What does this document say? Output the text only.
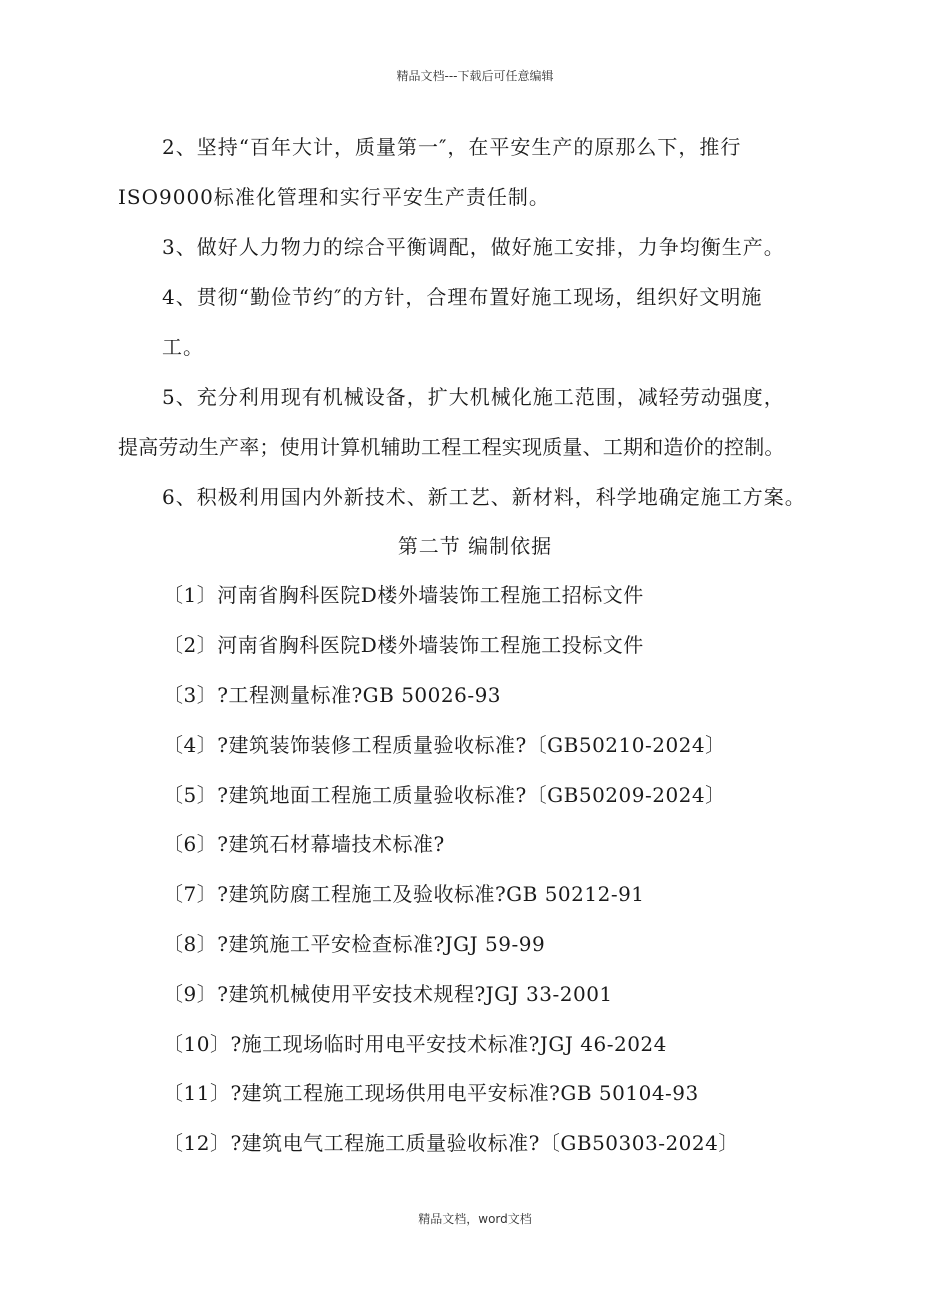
精品文档---下载后可任意编辑
2、坚持“百年大计，质量第一″，在平安生产的原那么下，推行
ISO9000标准化管理和实行平安生产责任制。
3、做好人力物力的综合平衡调配，做好施工安排，力争均衡生产。
4、贯彻“勤俭节约″的方针，合理布置好施工现场，组织好文明施
工。
5、充分利用现有机械设备，扩大机械化施工范围，减轻劳动强度，
提高劳动生产率；使用计算机辅助工程工程实现质量、工期和造价的控制。
6、积极利用国内外新技术、新工艺、新材料，科学地确定施工方案。
第二节 编制依据
〔1〕河南省胸科医院D楼外墙装饰工程施工招标文件
〔2〕河南省胸科医院D楼外墙装饰工程施工投标文件
〔3〕?工程测量标准?GB 50026-93
〔4〕?建筑装饰装修工程质量验收标准?〔GB50210-2024〕
〔5〕?建筑地面工程施工质量验收标准?〔GB50209-2024〕
〔6〕?建筑石材幕墙技术标准?
〔7〕?建筑防腐工程施工及验收标准?GB 50212-91
〔8〕?建筑施工平安检查标准?JGJ 59-99
〔9〕?建筑机械使用平安技术规程?JGJ 33-2001
〔10〕?施工现场临时用电平安技术标准?JGJ 46-2024
〔11〕?建筑工程施工现场供用电平安标准?GB 50104-93
〔12〕?建筑电气工程施工质量验收标准?〔GB50303-2024〕
精品文档，word文档
